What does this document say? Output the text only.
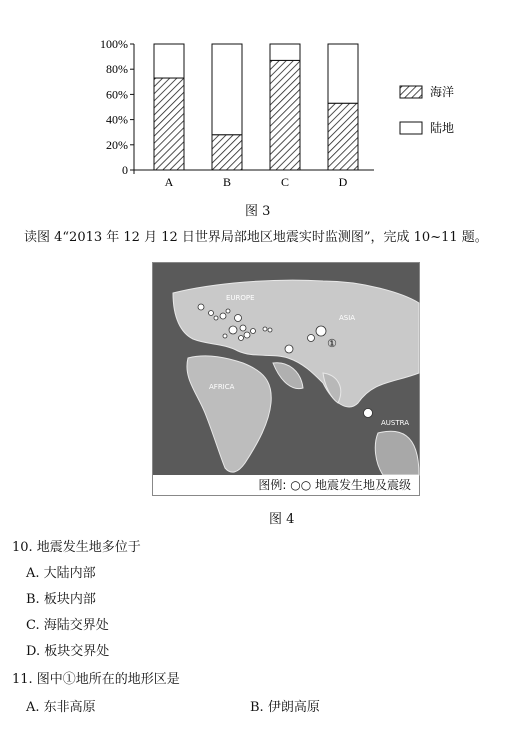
0
20%
40%
60%
80%
100%
A	B	C	D
海洋
陆地
图 3
读图 4“2013 年 12 月 12 日世界局部地区地震实时监测图”，完成 10~11 题。
EUROPE
ASIA
AFRICA
AUSTRA
①
图例: ○○ 地震发生地及震级
图 4
10. 地震发生地多位于
A. 大陆内部
B. 板块内部
C. 海陆交界处
D. 板块交界处
11. 图中①地所在的地形区是
A. 东非高原	B. 伊朗高原
